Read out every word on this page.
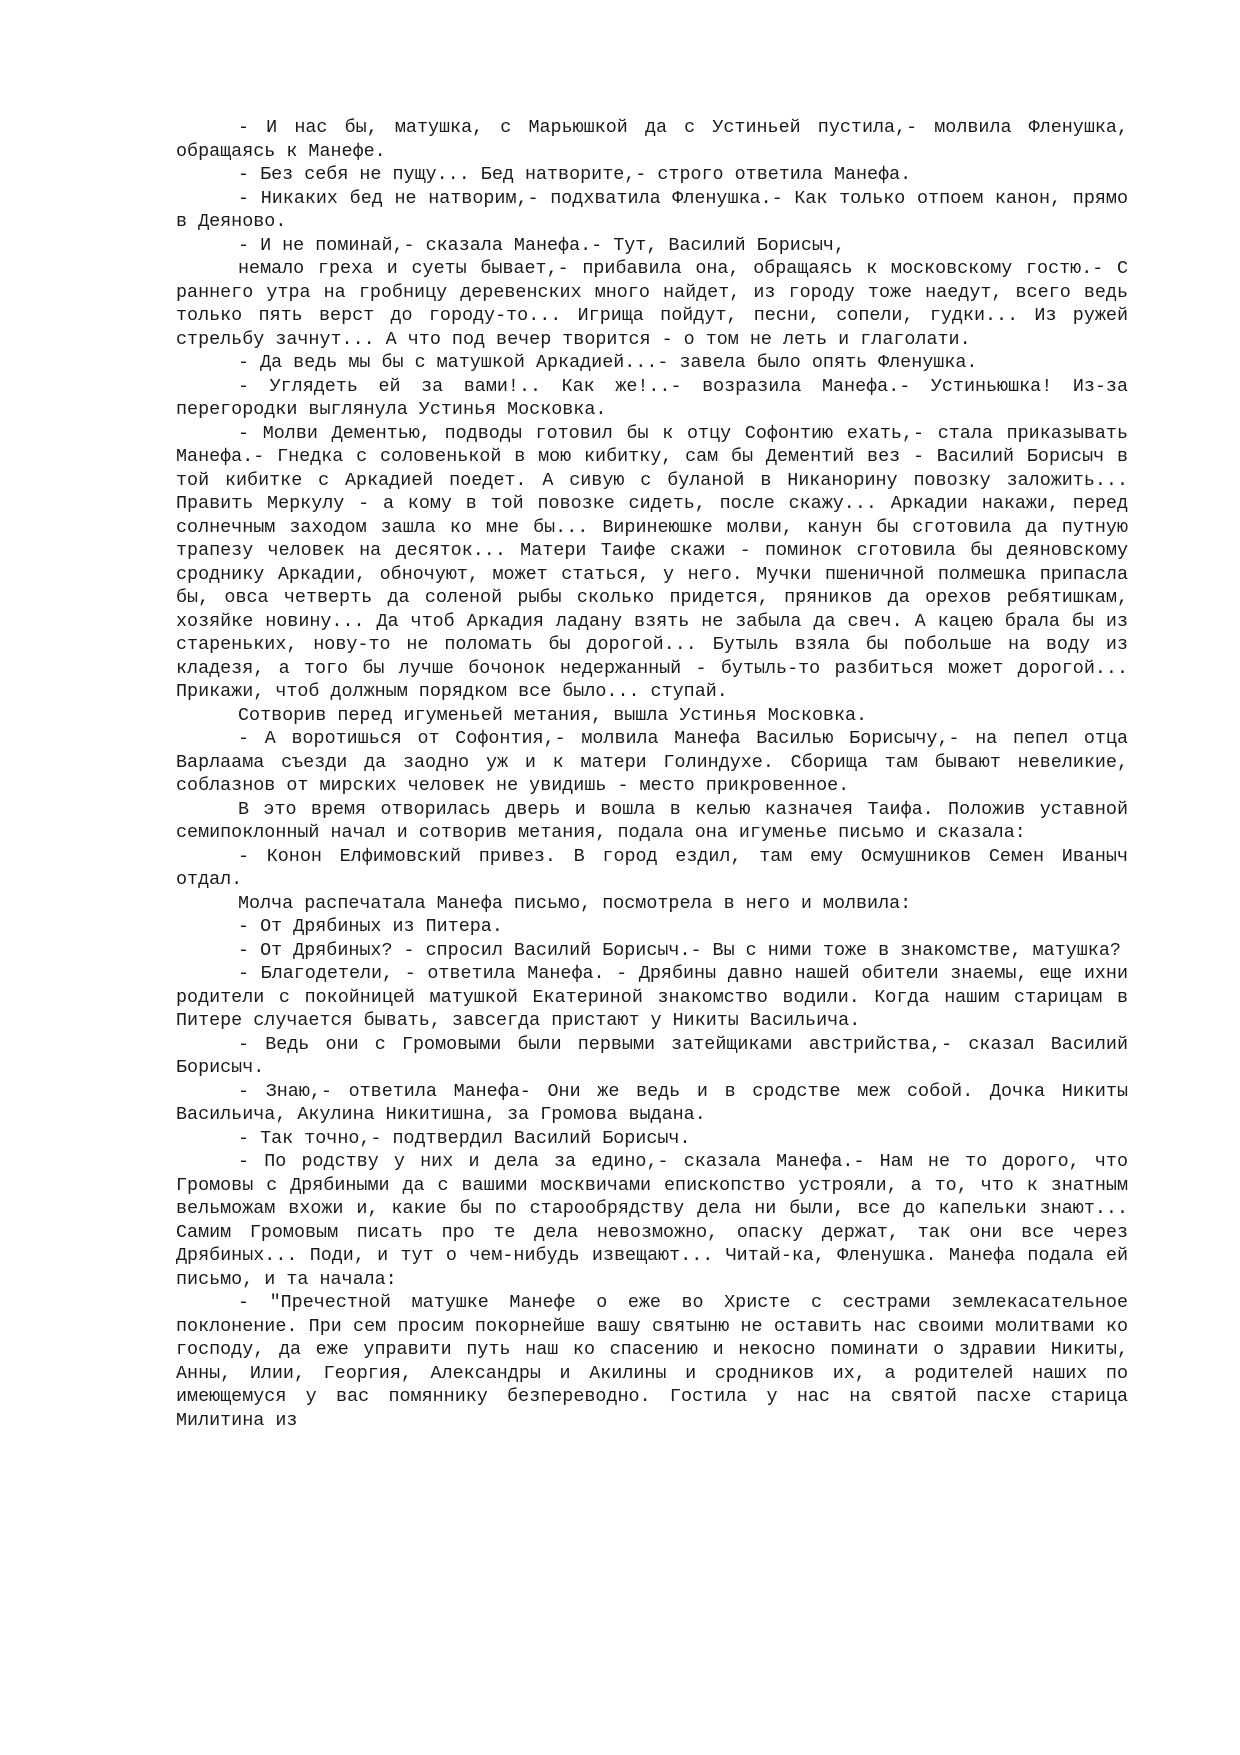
- И нас бы, матушка, с Марьюшкой да с Устиньей пустила,- молвила Фленушка, обращаясь к Манефе.

- Без себя не пущу... Бед натворите,- строго ответила Манефа.

- Никаких бед не натворим,- подхватила Фленушка.- Как только отпоем канон, прямо в Деяново.

- И не поминай,- сказала Манефа.- Тут, Василий Борисыч,

немало греха и суеты бывает,- прибавила она, обращаясь к московскому гостю.- С раннего утра на гробницу деревенских много найдет, из городу тоже наедут, всего ведь только пять верст до городу-то... Игрища пойдут, песни, сопели, гудки... Из ружей стрельбу зачнут... А что под вечер творится - о том не леть и глаголати.

- Да ведь мы бы с матушкой Аркадией...- завела было опять Фленушка.

- Углядеть ей за вами!.. Как же!..- возразила Манефа.- Устиньюшка! Из-за перегородки выглянула Устинья Московка.

- Молви Дементью, подводы готовил бы к отцу Софонтию ехать,- стала приказывать Манефа.- Гнедка с соловенькой в мою кибитку, сам бы Дементий вез - Василий Борисыч в той кибитке с Аркадией поедет. А сивую с буланой в Никанорину повозку заложить... Править Меркулу - а кому в той повозке сидеть, после скажу... Аркадии накажи, перед солнечным заходом зашла ко мне бы... Виринеюшке молви, канун бы сготовила да путную трапезу человек на десяток... Матери Таифе скажи - поминок сготовила бы деяновскому сроднику Аркадии, обночуют, может статься, у него. Мучки пшеничной полмешка припасла бы, овса четверть да соленой рыбы сколько придется, пряников да орехов ребятишкам, хозяйке новину... Да чтоб Аркадия ладану взять не забыла да свеч. А кацею брала бы из старeньких, нову-то не поломать бы дорогой... Бутыль взяла бы побольше на воду из кладезя, а того бы лучше бочонок недержанный - бутыль-то разбиться может дорогой... Прикажи, чтоб должным порядком все было... ступай.

Сотворив перед игуменьей метания, вышла Устинья Московка.

- А воротишься от Софонтия,- молвила Манефа Василью Борисычу,- на пепел отца Варлаама съезди да заодно уж и к матери Голиндухе. Сборища там бывают невеликие, соблазнов от мирских человек не увидишь - место прикровенное.

В это время отворилась дверь и вошла в келью казначея Таифа. Положив уставной семипоклонный начал и сотворив метания, подала она игуменье письмо и сказала:

- Конон Елфимовский привез. В город ездил, там ему Осмушников Семен Иваныч отдал.

Молча распечатала Манефа письмо, посмотрела в него и молвила:

- От Дрябиных из Питера.

- От Дрябиных? - спросил Василий Борисыч.- Вы с ними тоже в знакомстве, матушка?

- Благодетели, - ответила Манефа. - Дрябины давно нашей обители знаемы, еще ихни родители с покойницей матушкой Екатериной знакомство водили. Когда нашим старицам в Питере случается бывать, завсегда пристают у Никиты Васильича.

- Ведь они с Громовыми были первыми затейщиками австрийства,- сказал Василий Борисыч.

- Знаю,- ответила Манефа- Они же ведь и в сродстве меж собой. Дочка Никиты Васильича, Акулина Никитишна, за Громова выдана.

- Так точно,- подтвердил Василий Борисыч.

- По родству у них и дела за едино,- сказала Манефа.- Нам не то дорого, что Громовы с Дрябиными да с вашими москвичами епископство устрояли, а то, что к знатным вельможам вхожи и, какие бы по старообрядству дела ни были, все до капельки знают... Самим Громовым писать про те дела невозможно, опаску держат, так они все через Дрябиных... Поди, и тут о чем-нибудь извещают... Читай-ка, Фленушка. Манефа подала ей письмо, и та начала:

- "Пречестной матушке Манефе о еже во Христе с сестрами землекасательное поклонение. При сем просим покорнейше вашу святыню не оставить нас своими молитвами ко господу, да еже управити путь наш ко спасению и некосно поминати о здравии Никиты, Анны, Илии, Георгия, Александры и Акилины и сродников их, а родителей наших по имеющемуся у вас помяннику безпереводно. Гостила у нас на святой пасхе старица Милитина из
